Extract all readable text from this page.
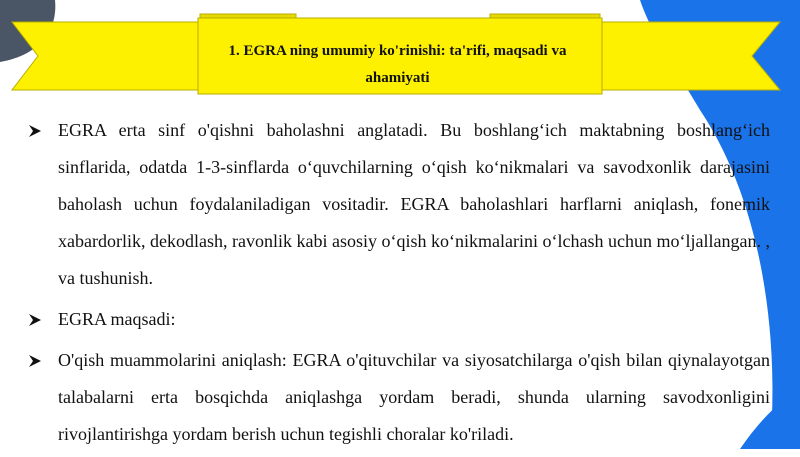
1. EGRA ning umumiy ko'rinishi: ta'rifi, maqsadi va ahamiyati
EGRA erta sinf o'qishni baholashni anglatadi. Bu boshlang‘ich maktabning boshlang‘ich sinflarida, odatda 1-3-sinflarda o‘quvchilarning o‘qish ko‘nikmalari va savodxonlik darajasini baholash uchun foydalaniladigan vositadir. EGRA baholashlari harflarni aniqlash, fonemik xabardorlik, dekodlash, ravonlik kabi asosiy o‘qish ko‘nikmalarini o‘lchash uchun mo‘ljallangan. , va tushunish.
EGRA maqsadi:
O'qish muammolarini aniqlash: EGRA o'qituvchilar va siyosatchilarga o'qish bilan qiynalayotgan talabalarni erta bosqichda aniqlashga yordam beradi, shunda ularning savodxonligini rivojlantirishga yordam berish uchun tegishli choralar ko'riladi.
